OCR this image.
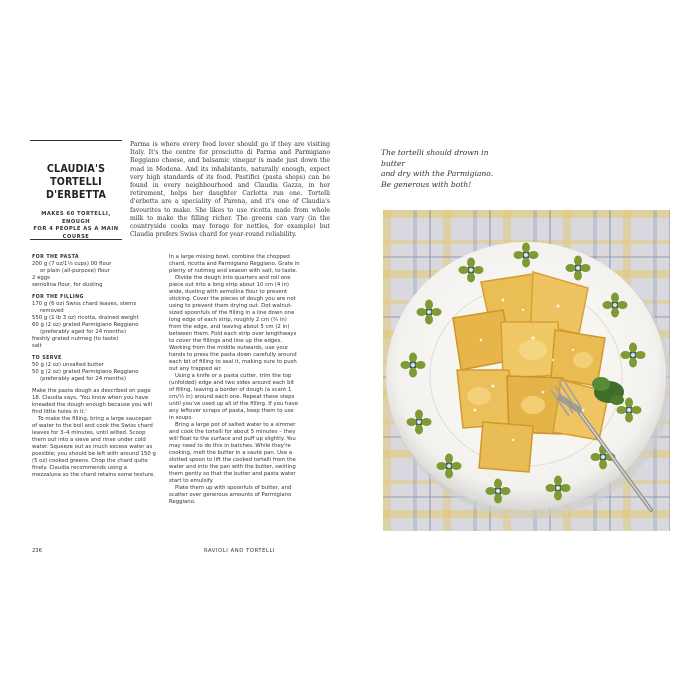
CLAUDIA'S TORTELLI
D'ERBETTA
MAKES 60 TORTELLI, ENOUGH
FOR 4 PEOPLE AS A MAIN COURSE

Parma is where every food lover should go if they are visiting Italy. It's the centre for prosciutto di Parma and Parmigiano Reggiano cheese, and balsamic vinegar is made just down the road in Modena. And its inhabitants, naturally enough, expect very high standards of its food. Pastifici (pasta shops) can be found in every neighbourhood and Claudia Gazza, in her retirement, helps her daughter Carlotta run one. Tortelli d'erbetta are a speciality of Parena, and it's one of Claudia's favourites to make. She likes to use ricotta made from whole milk to make the filling richer. The greens can vary (in the countryside cooks may forage for nettles, for example) but Claudia prefers Swiss chard for year-round reliability.

FOR THE PASTA

200 g (7 oz/1⅓ cups) 00 flour

or plain (all-purpose) flour

2 eggs

semolina flour, for dusting

FOR THE FILLING

170 g (6 oz) Swiss chard leaves, stems

removed

550 g (1 lb 3 oz) ricotta, drained weight

60 g (2 oz) grated Parmigiano Reggiano

(preferably aged for 24 months)

freshly grated nutmeg (to taste)

salt

TO SERVE

50 g (2 oz) unsalted butter

50 g (2 oz) grated Parmigiano Reggiano

(preferably aged for 24 months)

Make the pasta dough as described on page 18. Claudia says, 'You know when you have kneaded the dough enough because you will find little holes in it.'

To make the filling, bring a large saucepan of water to the boil and cook the Swiss chard leaves for 3–4 minutes, until wilted. Scoop them out into a sieve and rinse under cold water. Squeeze out as much excess water as possible; you should be left with around 150 g (5 oz) cooked greens. Chop the chard quite finely. Claudia recommends using a mezzaluna so the chard retains some texture.

In a large mixing bowl, combine the chopped chard, ricotta and Parmigiano Reggiano. Grate in plenty of nutmeg and season with salt, to taste.

Divide the dough into quarters and roll one piece out into a long strip about 10 cm (4 in) wide, dusting with semolina flour to prevent sticking. Cover the pieces of dough you are not using to prevent them drying out. Dot walnut-sized spoonfuls of the filling in a line down one long edge of each strip, roughly 2 cm (¾ in) from the edge, and leaving about 5 cm (2 in) between them. Fold each strip over lengthways to cover the fillings and line up the edges. Working from the middle outwards, use your hands to press the pasta down carefully around each bit of filling to seal it, making sure to push out any trapped air.

Using a knife or a pasta cutter, trim the top (unfolded) edge and two sides around each bit of filling, leaving a border of dough (a scant 1 cm/½ in) around each one. Repeat these steps until you've used up all of the filling. If you have any leftover scraps of pasta, keep them to use in soups.

Bring a large pot of salted water to a simmer and cook the tortelli for about 5 minutes – they will float to the surface and puff up slightly. You may need to do this in batches. While they're cooking, melt the butter in a sauté pan. Use a slotted spoon to lift the cooked tortelli from the water and into the pan with the butter, swirling them gently so that the butter and pasta water start to emulsify.

Plate them up with spoonfuls of butter, and scatter over generous amounts of Parmigiano Reggiano.

236	RAVIOLI AND TORTELLI
The tortelli should drown in butter
and dry with the Parmigiano.
Be generous with both!
